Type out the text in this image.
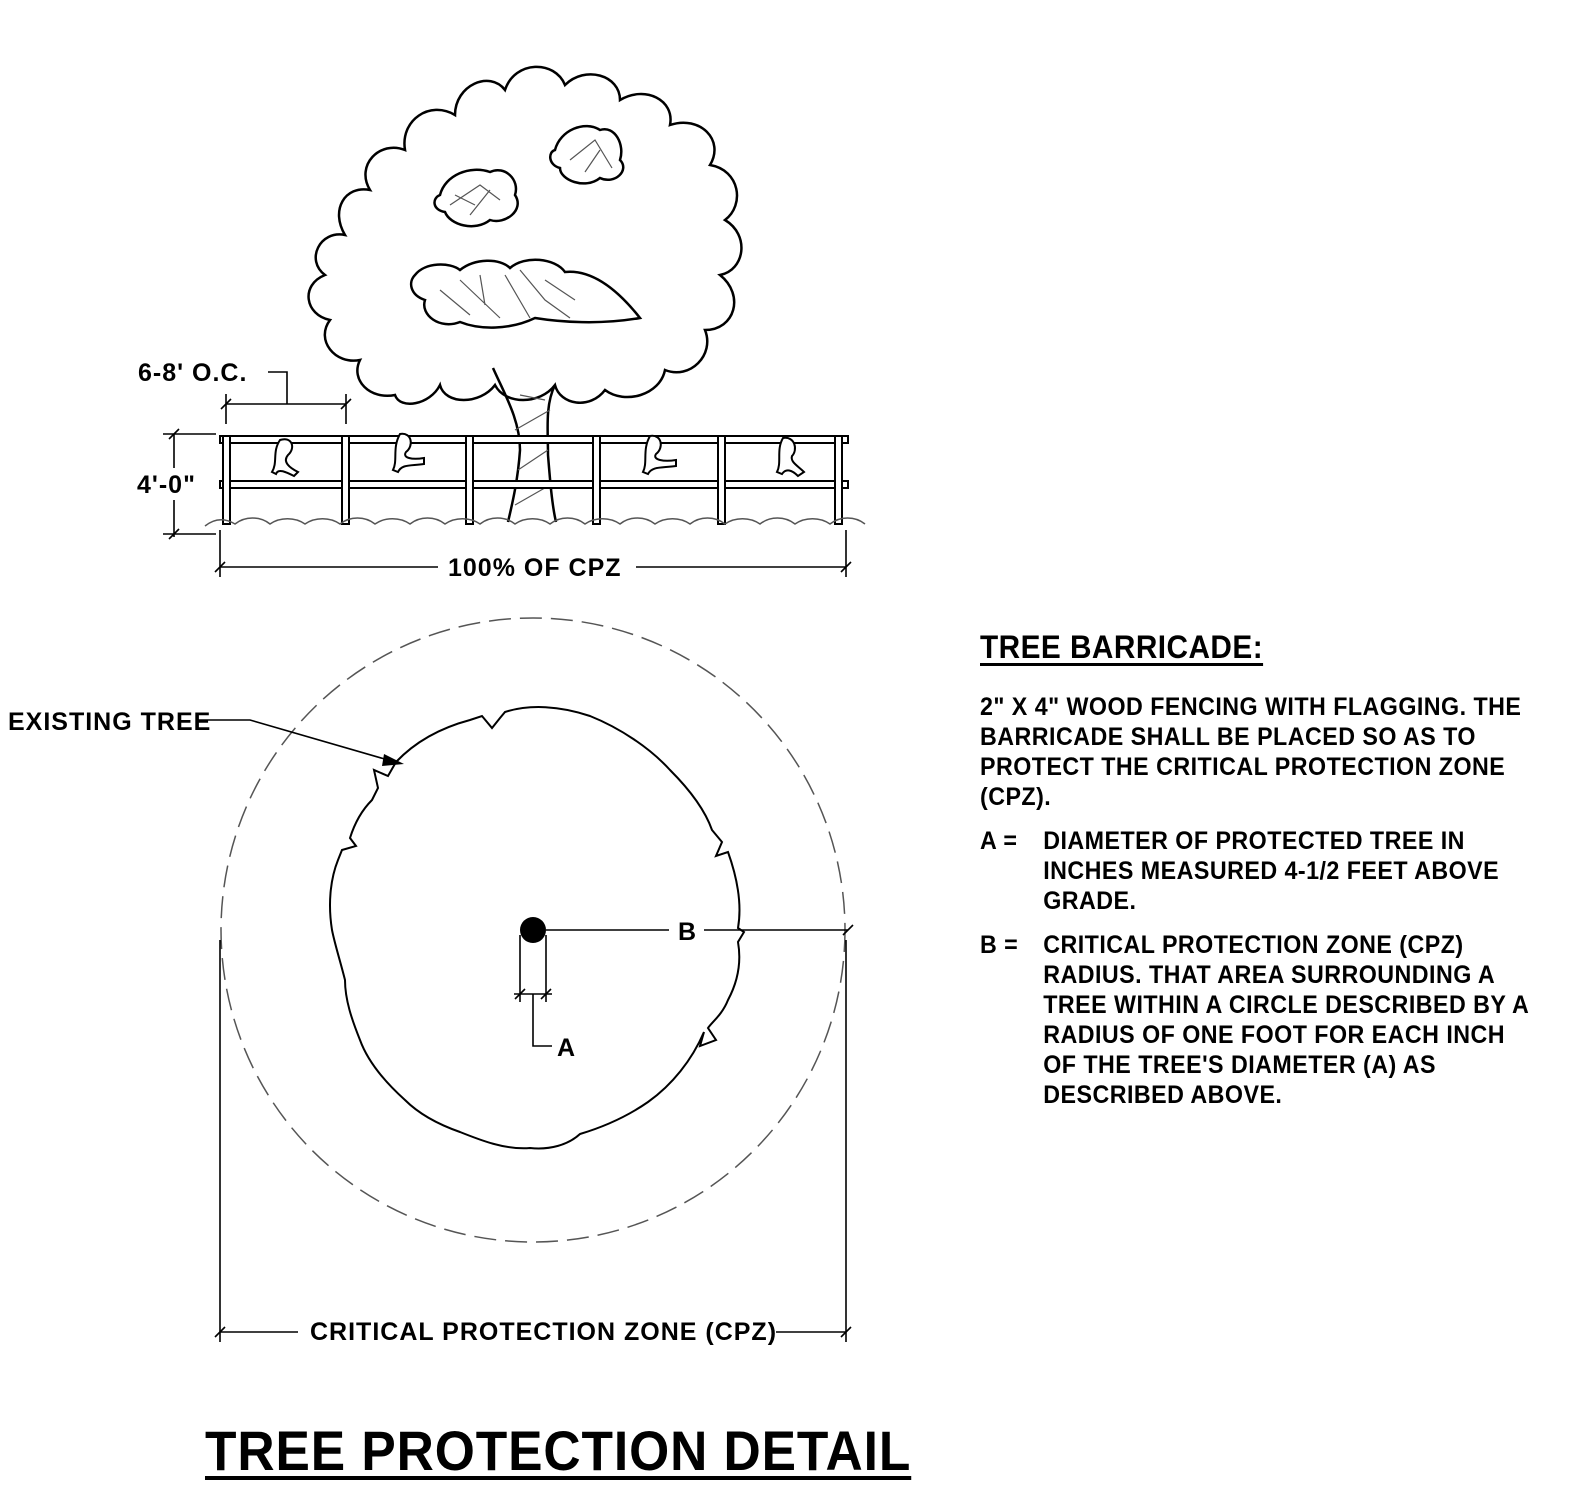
6-8' O.C.
4'-0"
100% OF CPZ
B
A
EXISTING TREE
CRITICAL PROTECTION ZONE (CPZ)
TREE BARRICADE:
2" X 4" WOOD FENCING WITH FLAGGING. THE BARRICADE SHALL BE PLACED SO AS TO PROTECT THE CRITICAL PROTECTION ZONE (CPZ).
A =	DIAMETER OF PROTECTED TREE IN INCHES MEASURED 4-1/2 FEET ABOVE GRADE.
B =	CRITICAL PROTECTION ZONE (CPZ) RADIUS. THAT AREA SURROUNDING A TREE WITHIN A CIRCLE DESCRIBED BY A RADIUS OF ONE FOOT FOR EACH INCH OF THE TREE'S DIAMETER (A) AS DESCRIBED ABOVE.
TREE PROTECTION DETAIL
